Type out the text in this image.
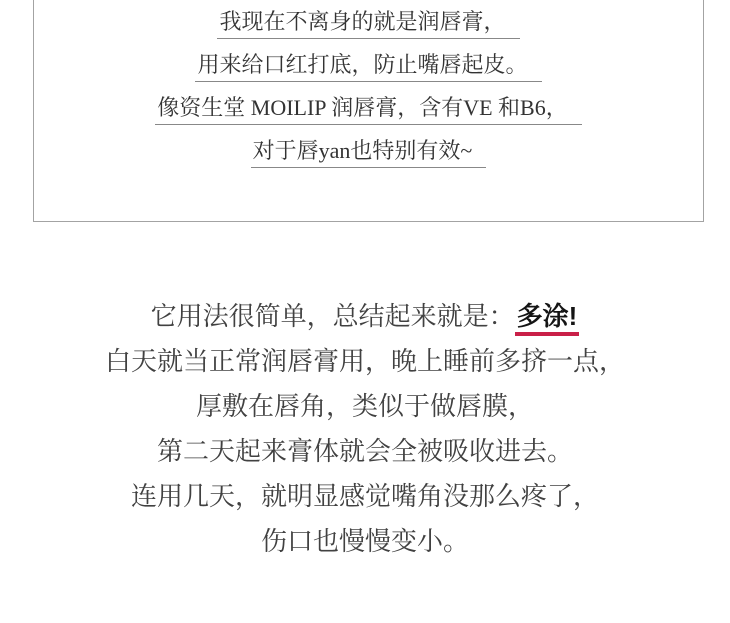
我现在不离身的就是润唇膏，
用来给口红打底，防止嘴唇起皮。
像资生堂 MOILIP 润唇膏，含有VE 和B6，
对于唇yan也特别有效~
它用法很简单，总结起来就是：多涂!
白天就当正常润唇膏用，晚上睡前多挤一点，
厚敷在唇角，类似于做唇膜，
第二天起来膏体就会全被吸收进去。
连用几天，就明显感觉嘴角没那么疼了，
伤口也慢慢变小。
